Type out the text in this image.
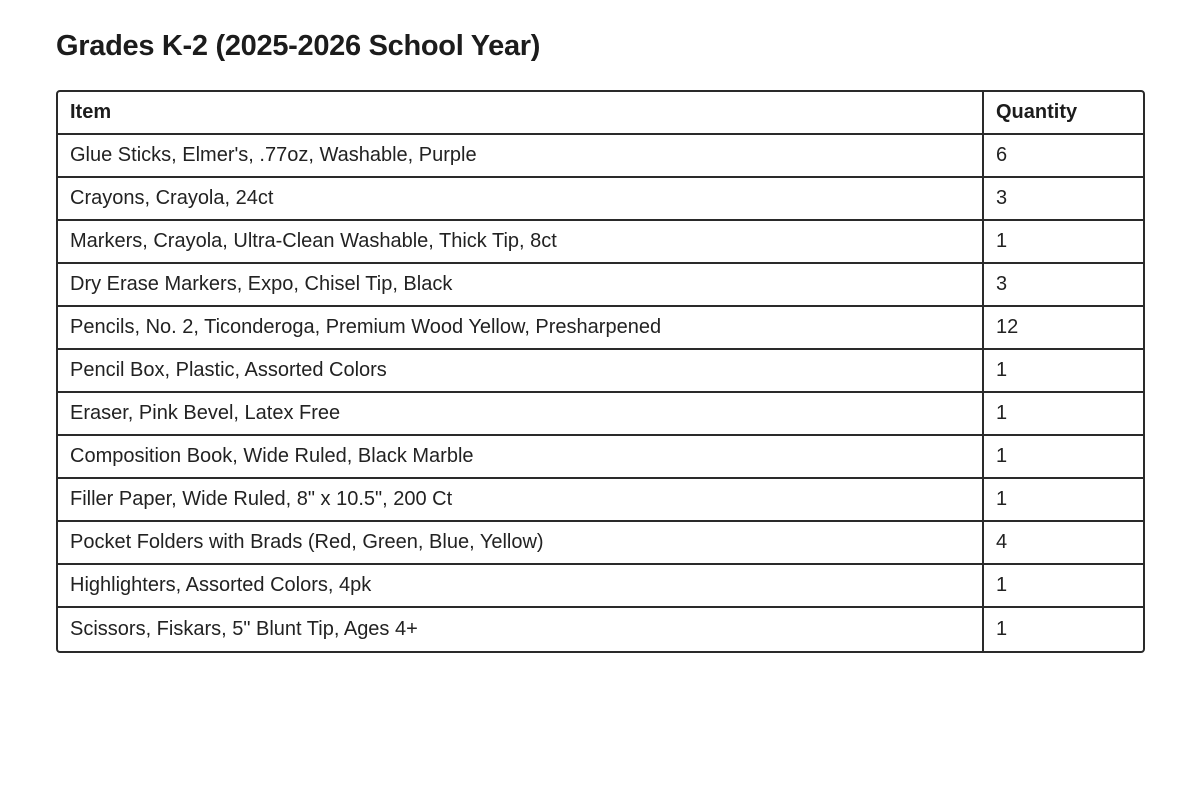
Grades K-2 (2025-2026 School Year)
Item	Quantity
Glue Sticks, Elmer's, .77oz, Washable, Purple	6
Crayons, Crayola, 24ct	3
Markers, Crayola, Ultra-Clean Washable, Thick Tip, 8ct	1
Dry Erase Markers, Expo, Chisel Tip, Black	3
Pencils, No. 2, Ticonderoga, Premium Wood Yellow, Presharpened	12
Pencil Box, Plastic, Assorted Colors	1
Eraser, Pink Bevel, Latex Free	1
Composition Book, Wide Ruled, Black Marble	1
Filler Paper, Wide Ruled, 8" x 10.5", 200 Ct	1
Pocket Folders with Brads (Red, Green, Blue, Yellow)	4
Highlighters, Assorted Colors, 4pk	1
Scissors, Fiskars, 5" Blunt Tip, Ages 4+	1
